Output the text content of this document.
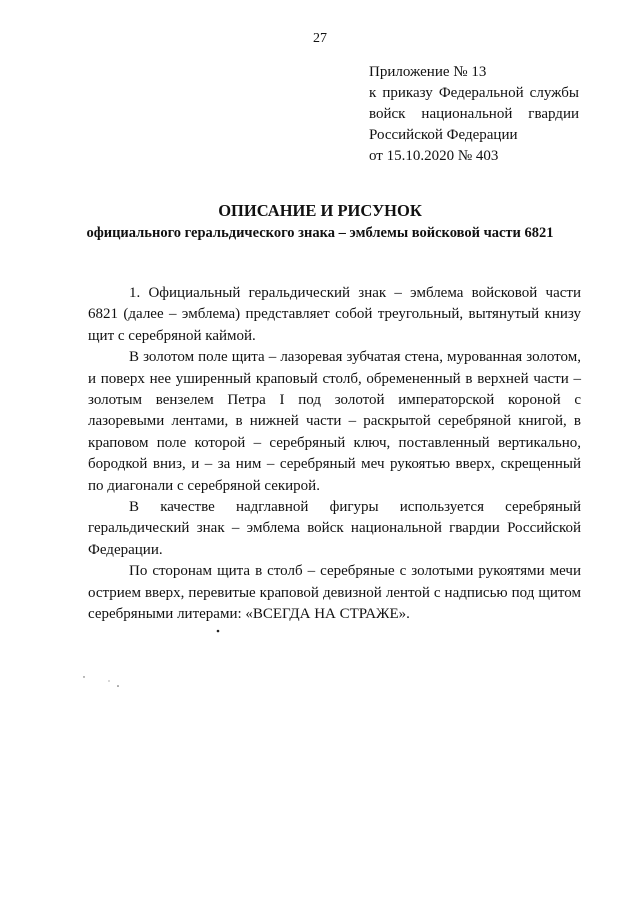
27
Приложение № 13
к приказу Федеральной службы
войск национальной гвардии
Российской Федерации
от 15.10.2020 № 403
ОПИСАНИЕ И РИСУНОК
официального геральдического знака – эмблемы войсковой части 6821

1. Официальный геральдический знак – эмблема войсковой части 6821 (далее – эмблема) представляет собой треугольный, вытянутый книзу щит с серебряной каймой.

В золотом поле щита – лазоревая зубчатая стена, мурованная золотом, и поверх нее уширенный краповый столб, обремененный в верхней части – золотым вензелем Петра I под золотой императорской короной с лазоревыми лентами, в нижней части – раскрытой серебряной книгой, в краповом поле которой – серебряный ключ, поставленный вертикально, бородкой вниз, и – за ним – серебряный меч рукоятью вверх, скрещенный по диагонали с серебряной секирой.

В качестве надглавной фигуры используется серебряный геральдический знак – эмблема войск национальной гвардии Российской Федерации.

По сторонам щита в столб – серебряные с золотыми рукоятями мечи острием вверх, перевитые краповой девизной лентой с надписью под щитом серебряными литерами: «ВСЕГДА НА СТРАЖЕ».
